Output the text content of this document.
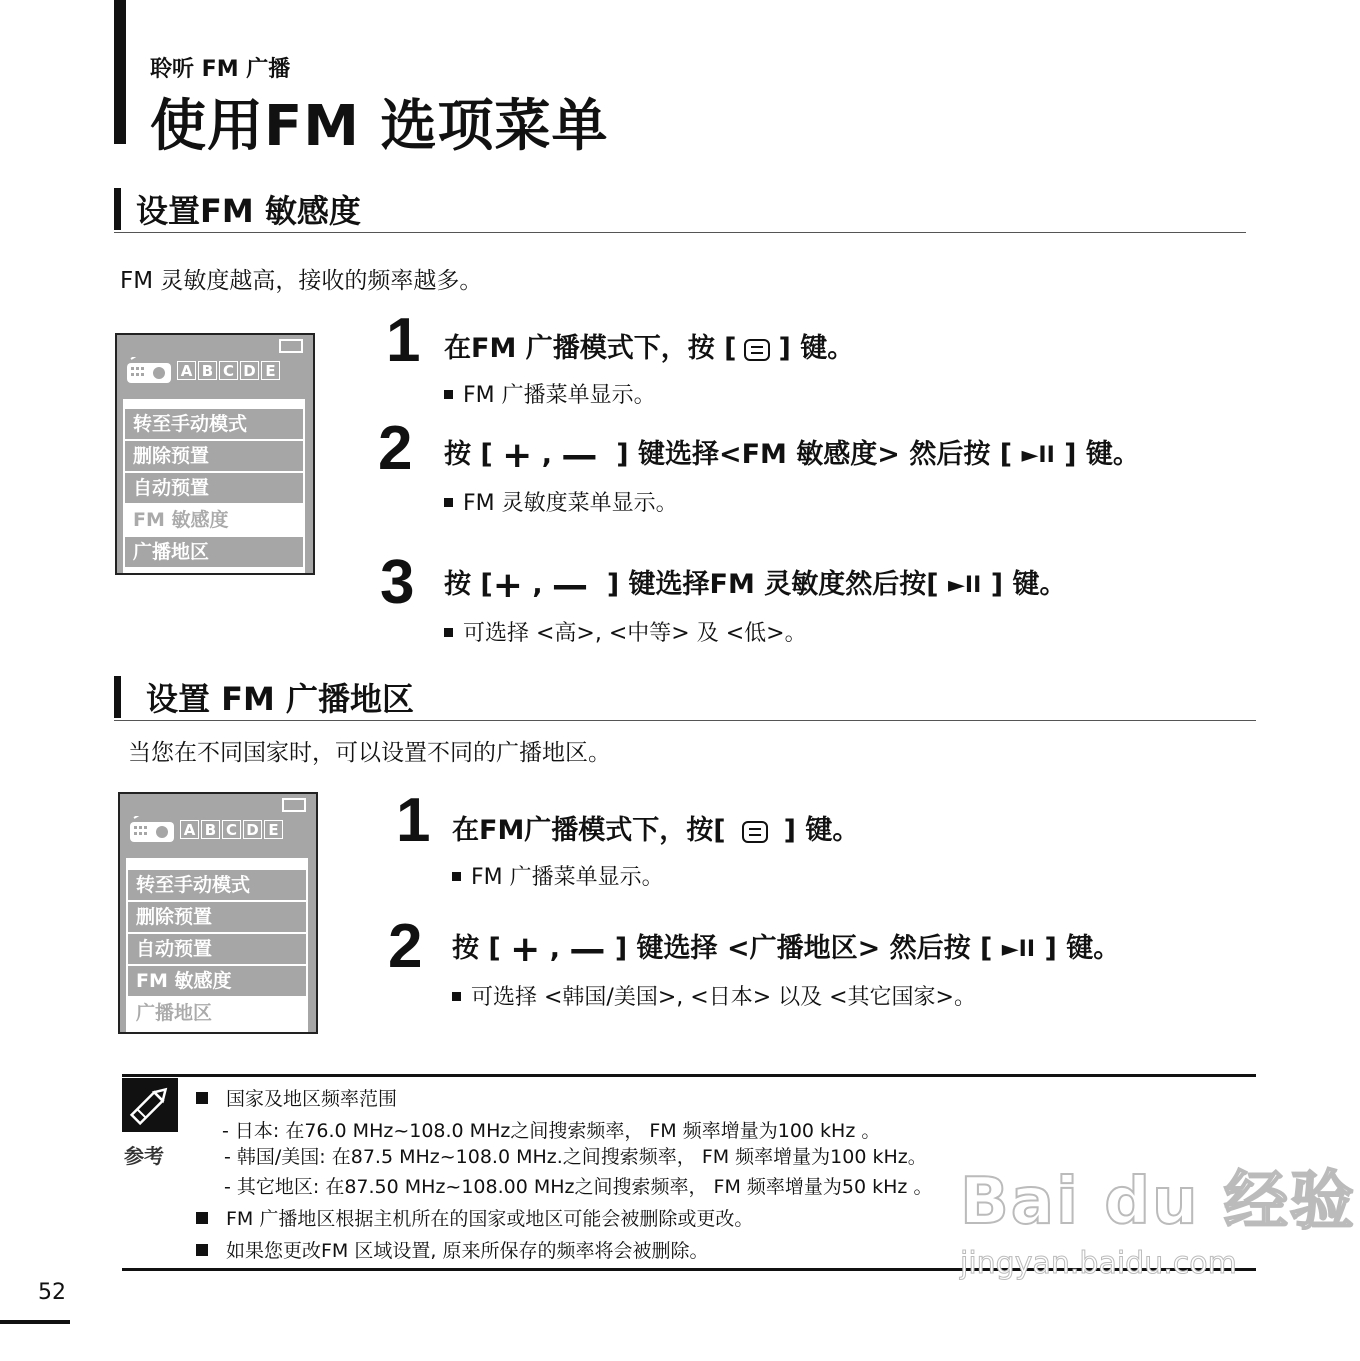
聆听 FM 广播
使用FM 选项菜单
设置FM 敏感度
FM 灵敏度越高，接收的频率越多。
A B C D E
转至手动模式
删除预置
自动预置
FM 敏感度
广播地区
1 在FM 广播模式下，按 [ ] 键。
FM 广播菜单显示。
2 按 [ + , — ] 键选择<FM 敏感度> 然后按 [ ►II ] 键。
FM 灵敏度菜单显示。
3 按 [+ , — ] 键选择FM 灵敏度然后按[ ►II ] 键。
可选择 <高>, <中等> 及 <低>。
设置 FM 广播地区
当您在不同国家时，可以设置不同的广播地区。
A B C D E
转至手动模式
删除预置
自动预置
FM 敏感度
广播地区
1 在FM广播模式下，按[ ] 键。
FM 广播菜单显示。
2 按 [ + , — ] 键选择 <广播地区> 然后按 [ ►II ] 键。
可选择 <韩国/美国>, <日本> 以及 <其它国家>。
参考
国家及地区频率范围
- 日本: 在76.0 MHz~108.0 MHz之间搜索频率， FM 频率增量为100 kHz 。
- 韩国/美国: 在87.5 MHz~108.0 MHz.之间搜索频率， FM 频率增量为100 kHz。
- 其它地区: 在87.50 MHz~108.00 MHz之间搜索频率， FM 频率增量为50 kHz 。
FM 广播地区根据主机所在的国家或地区可能会被删除或更改。
如果您更改FM 区域设置, 原来所保存的频率将会被删除。
Bai du 经验
jingyan.baidu.com
52
